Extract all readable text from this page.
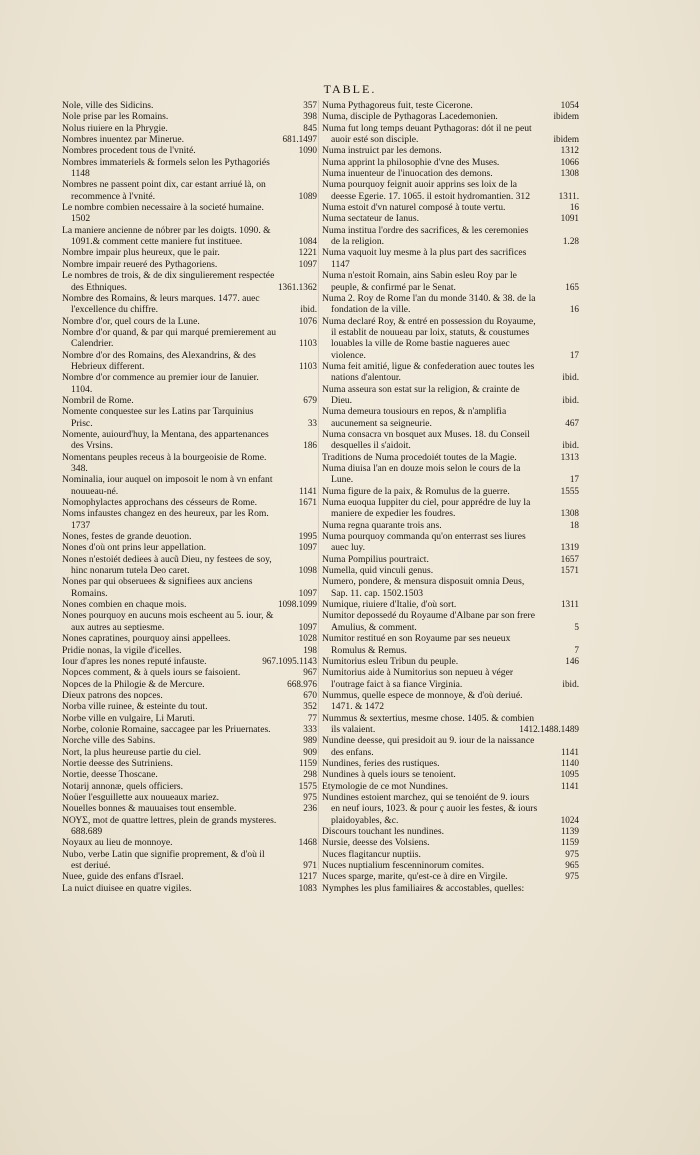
TABLE.
Nole, ville des Sidicins.	357
Nole prise par les Romains.	398
Nolus riuiere en la Phrygie.	845
Nombres inuentez par Minerue.	681.1497
Nombres procedent tous de l'vnité.	1090
Nombres immateriels & formels selon les Pythagoriés 1148
Nombres ne passent point dix, car estant arriué là, on recommence à l'vnité.	1089
Le nombre combien necessaire à la societé humaine. 1502
La maniere ancienne de nóbrer par les doigts. 1090. & 1091.& comment cette maniere fut instituee.	1084
Nombre impair plus heureux, que le pair.	1221
Nombre impair reueré des Pythagoriens.	1097
Le nombres de trois, & de dix singulierement respectée des Ethniques.	1361.1362
Nombre des Romains, & leurs marques. 1477. auec l'excellence du chiffre.	ibid.
Nombre d'or, quel cours de la Lune.	1076
Nombre d'or quand, & par qui marqué premierement au Calendrier.	1103
Nombre d'or des Romains, des Alexandrins, & des Hebrieux different.	1103
Nombre d'or commence au premier iour de Ianuier. 1104.
Nombril de Rome.	679
Nomente conquestee sur les Latins par Tarquinius Prisc.	33
Nomente, auiourd'huy, la Mentana, des appartenances des Vrsins.	186
Nomentans peuples receus à la bourgeoisie de Rome. 348.
Nominalia, iour auquel on imposoit le nom à vn enfant nouueau-né.	1141
Nomophylactes approchans des césseurs de Rome.	1671
Noms infaustes changez en des heureux, par les Rom. 1737
Nones, festes de grande deuotion.	1995
Nones d'où ont prins leur appellation.	1097
Nones n'estoiét dediees à aucũ Dieu, ny festees de soy, hinc nonarum tutela Deo caret.	1098
Nones par qui obseruees & signifiees aux anciens Romains.	1097
Nones combien en chaque mois.	1098.1099
Nones pourquoy en aucuns mois escheent au 5. iour, & aux autres au septiesme.	1097
Nones capratines, pourquoy ainsi appellees.	1028
Pridie nonas, la vigile d'icelles.	198
Iour d'apres les nones reputé infauste.	967.1095.1143
Nopces comment, & à quels iours se faisoient.	967
Nopces de la Philogie & de Mercure.	668.976
Dieux patrons des nopces.	670
Norba ville ruinee, & esteinte du tout.	352
Norbe ville en vulgaire, Li Maruti.	77
Norbe, colonie Romaine, saccagee par les Priuernates.	333
Norche ville des Sabins.	989
Nort, la plus heureuse partie du ciel.	909
Nortie deesse des Sutriniens.	1159
Nortie, deesse Thoscane.	298
Notarij annonæ, quels officiers.	1575
Noüer l'esguillette aux nouueaux mariez.	975
Nouelles bonnes & mauuaises tout ensemble.	236
ΝΟΥΣ, mot de quattre lettres, plein de grands mysteres. 688.689
Noyaux au lieu de monnoye.	1468
Nubo, verbe Latin que signifie proprement, & d'où il est deriué.	971
Nuee, guide des enfans d'Israel.	1217
La nuict diuisee en quatre vigiles.	1083
Numa Pythagoreus fuit, teste Cicerone.	1054
Numa, disciple de Pythagoras Lacedemonien.	ibidem
Numa fut long temps deuant Pythagoras: dót il ne peut auoir esté son disciple.	ibidem
Numa instruict par les demons.	1312
Numa apprint la philosophie d'vne des Muses.	1066
Numa inuenteur de l'inuocation des demons.	1308
Numa pourquoy feignit auoir apprins ses loix de la deesse Egerie. 17. 1065. il estoit hydromantien. 312	1311.
Numa estoit d'vn naturel composé à toute vertu.	16
Numa sectateur de Ianus.	1091
Numa institua l'ordre des sacrifices, & les ceremonies de la religion.	1.28
Numa vaquoit luy mesme à la plus part des sacrifices 1147
Numa n'estoit Romain, ains Sabin esleu Roy par le peuple, & confirmé par le Senat.	165
Numa 2. Roy de Rome l'an du monde 3140. & 38. de la fondation de la ville.	16
Numa declaré Roy, & entré en possession du Royaume, il establit de nouueau par loix, statuts, & coustumes louables la ville de Rome bastie nagueres auec violence.	17
Numa feit amitié, ligue & confederation auec toutes les nations d'alentour.	ibid.
Numa asseura son estat sur la religion, & crainte de Dieu.	ibid.
Numa demeura tousiours en repos, & n'amplifia aucunement sa seigneurie.	467
Numa consacra vn bosquet aux Muses. 18. du Conseil desquelles il s'aidoit.	ibid.
Traditions de Numa procedoiét toutes de la Magie.	1313
Numa diuisa l'an en douze mois selon le cours de la Lune.	17
Numa figure de la paix, & Romulus de la guerre.	1555
Numa euoqua Iuppiter du ciel, pour apprédre de luy la maniere de expedier les foudres.	1308
Numa regna quarante trois ans.	18
Numa pourquoy commanda qu'on enterrast ses liures auec luy.	1319
Numa Pompilius pourtraict.	1657
Numella, quid vinculi genus.	1571
Numero, pondere, & mensura disposuit omnia Deus, Sap. 11. cap. 1502.1503
Numique, riuiere d'Italie, d'où sort.	1311
Numitor depossedé du Royaume d'Albane par son frere Amulius, & comment.	5
Numitor restitué en son Royaume par ses neueux Romulus & Remus.	7
Numitorius esleu Tribun du peuple.	146
Numitorius aide à Numitorius son nepueu à véger l'outrage faict à sa fiance Virginia.	ibid.
Nummus, quelle espece de monnoye, & d'où deriué. 1471. & 1472
Nummus & sextertius, mesme chose. 1405. & combien ils valaient.	1412.1488.1489
Nundine deesse, qui presidoit au 9. iour de la naissance des enfans.	1141
Nundines, feries des rustiques.	1140
Nundines à quels iours se tenoient.	1095
Etymologie de ce mot Nundines.	1141
Nundines estoient marchez, qui se tenoiént de 9. iours en neuf iours, 1023. & pour ç auoir les festes, & iours plaidoyables, &c.	1024
Discours touchant les nundines.	1139
Nursie, deesse des Volsiens.	1159
Nuces flagitancur nuptiis.	975
Nuces nuptialium fescenninorum comites.	965
Nuces sparge, marite, qu'est-ce à dire en Virgile.	975
Nymphes les plus familiaires & accostables, quelles:
